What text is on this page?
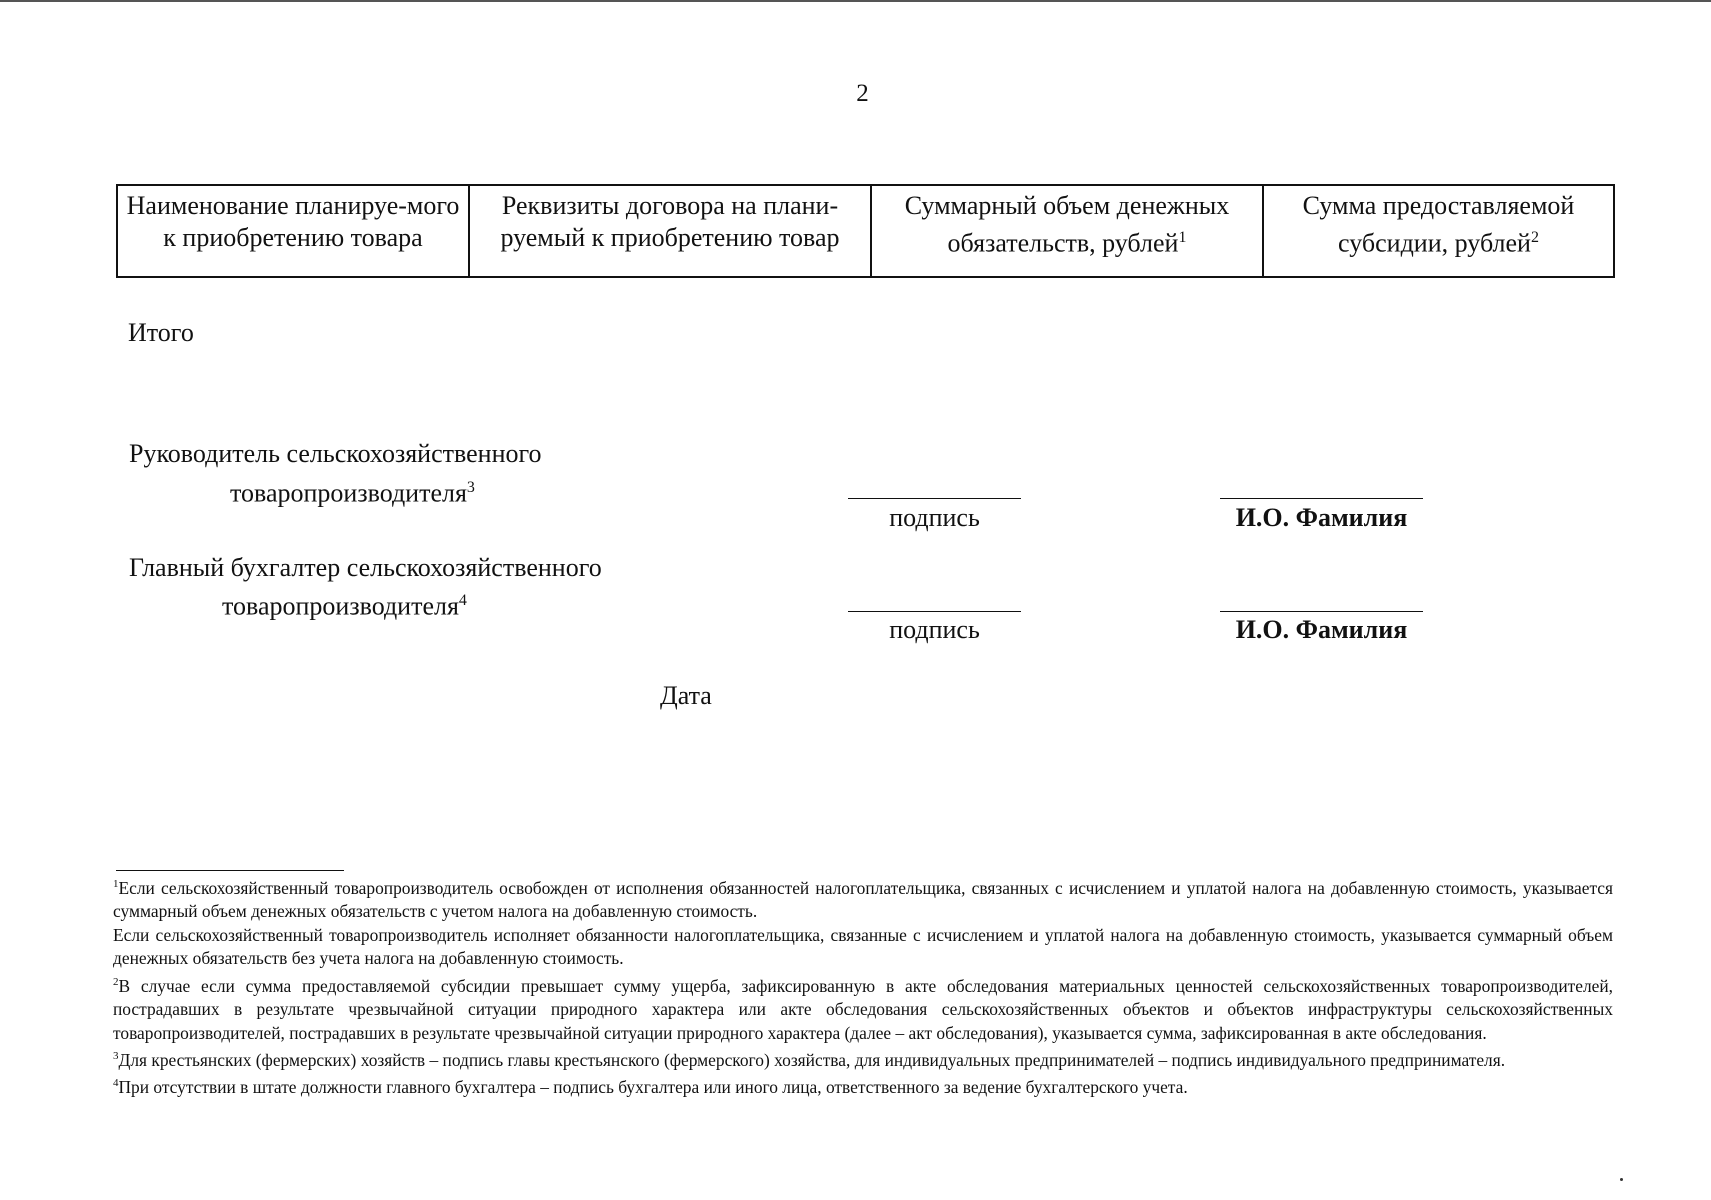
2
Наименование планируе-мого к приобретению товара	Реквизиты договора на плани-руемый к приобретению товар	Суммарный объем денежных обязательств, рублей$^1$	Сумма предоставляемой субсидии, рублей$^2$
Итого
Руководитель сельскохозяйственного
товаропроизводителя$^3$
подпись	И.О. Фамилия
Главный бухгалтер сельскохозяйственного
товаропроизводителя$^4$
подпись	И.О. Фамилия
Дата

$^1$Если сельскохозяйственный товаропроизводитель освобожден от исполнения обязанностей налогоплательщика, связанных с исчислением и уплатой налога на добавленную стоимость, указывается суммарный объем денежных обязательств с учетом налога на добавленную стоимость.

Если сельскохозяйственный товаропроизводитель исполняет обязанности налогоплательщика, связанные с исчислением и уплатой налога на добавленную стоимость, указывается суммарный объем денежных обязательств без учета налога на добавленную стоимость.

$^2$В случае если сумма предоставляемой субсидии превышает сумму ущерба, зафиксированную в акте обследования материальных ценностей сельскохозяйственных товаропроизводителей, пострадавших в результате чрезвычайной ситуации природного характера или акте обследования сельскохозяйственных объектов и объектов инфраструктуры сельскохозяйственных товаропроизводителей, пострадавших в результате чрезвычайной ситуации природного характера (далее – акт обследования), указывается сумма, зафиксированная в акте обследования.

$^3$Для крестьянских (фермерских) хозяйств – подпись главы крестьянского (фермерского) хозяйства, для индивидуальных предпринимателей – подпись индивидуального предпринимателя.

$^4$При отсутствии в штате должности главного бухгалтера – подпись бухгалтера или иного лица, ответственного за ведение бухгалтерского учета.
